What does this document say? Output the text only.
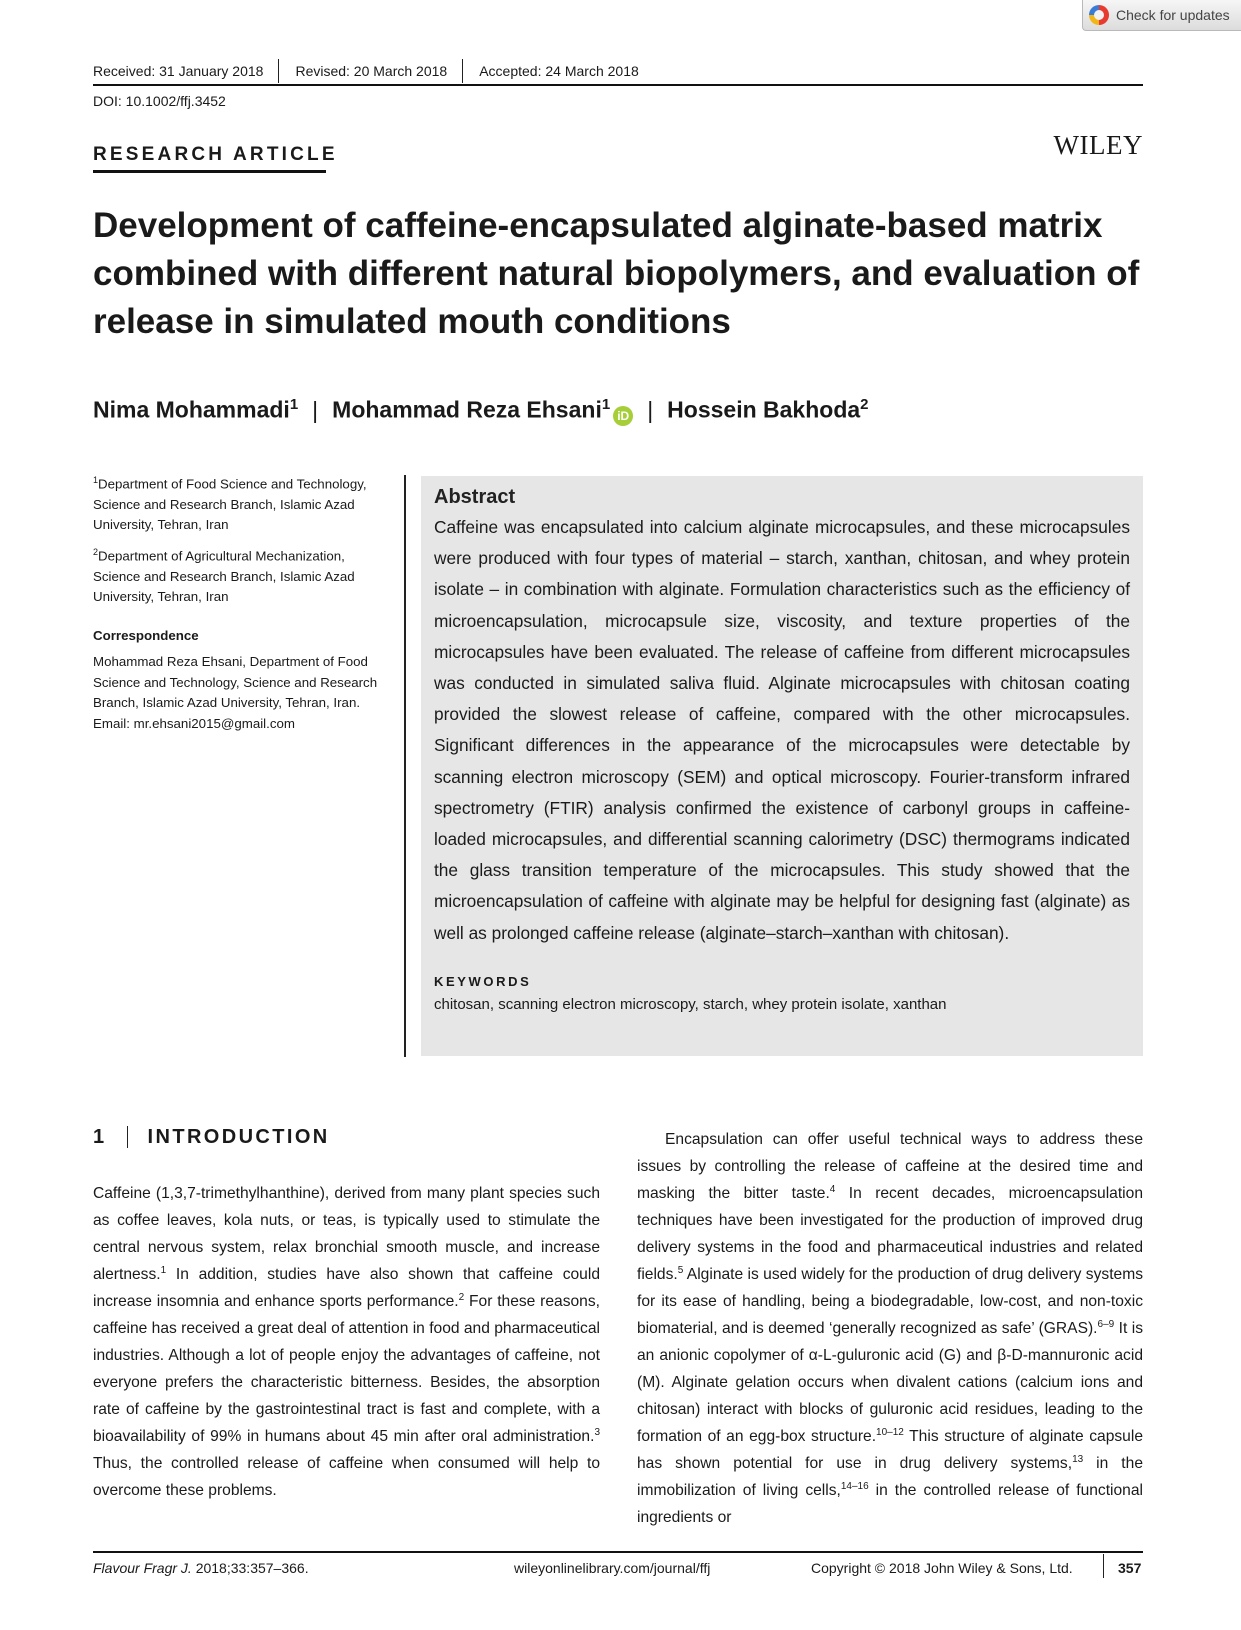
Check for updates
Received: 31 January 2018	Revised: 20 March 2018	Accepted: 24 March 2018
DOI: 10.1002/ffj.3452
RESEARCH ARTICLE	WILEY
Development of caffeine-encapsulated alginate-based matrix combined with different natural biopolymers, and evaluation of release in simulated mouth conditions
Nima Mohammadi$^1$ | Mohammad Reza Ehsani$^1$iD | Hossein Bakhoda$^2$

$^1$Department of Food Science and Technology, Science and Research Branch, Islamic Azad University, Tehran, Iran

$^2$Department of Agricultural Mechanization, Science and Research Branch, Islamic Azad University, Tehran, Iran

Correspondence

Mohammad Reza Ehsani, Department of Food Science and Technology, Science and Research Branch, Islamic Azad University, Tehran, Iran.
Email: mr.ehsani2015@gmail.com

Abstract

Caffeine was encapsulated into calcium alginate microcapsules, and these microcapsules were produced with four types of material – starch, xanthan, chitosan, and whey protein isolate – in combination with alginate. Formulation characteristics such as the efficiency of microencapsulation, microcapsule size, viscosity, and texture properties of the microcapsules have been evaluated. The release of caffeine from different microcapsules was conducted in simulated saliva fluid. Alginate microcapsules with chitosan coating provided the slowest release of caffeine, compared with the other microcapsules. Significant differences in the appearance of the microcapsules were detectable by scanning electron microscopy (SEM) and optical microscopy. Fourier-transform infrared spectrometry (FTIR) analysis confirmed the existence of carbonyl groups in caffeine-loaded microcapsules, and differential scanning calorimetry (DSC) thermograms indicated the glass transition temperature of the microcapsules. This study showed that the microencapsulation of caffeine with alginate may be helpful for designing fast (alginate) as well as prolonged caffeine release (alginate–starch–xanthan with chitosan).

KEYWORDS
chitosan, scanning electron microscopy, starch, whey protein isolate, xanthan
1 INTRODUCTION

Caffeine (1,3,7-trimethylhanthine), derived from many plant species such as coffee leaves, kola nuts, or teas, is typically used to stimulate the central nervous system, relax bronchial smooth muscle, and increase alertness.$^1$ In addition, studies have also shown that caffeine could increase insomnia and enhance sports performance.$^2$ For these reasons, caffeine has received a great deal of attention in food and pharmaceutical industries. Although a lot of people enjoy the advantages of caffeine, not everyone prefers the characteristic bitterness. Besides, the absorption rate of caffeine by the gastrointestinal tract is fast and complete, with a bioavailability of 99% in humans about 45 min after oral administration.$^3$ Thus, the controlled release of caffeine when consumed will help to overcome these problems.

Encapsulation can offer useful technical ways to address these issues by controlling the release of caffeine at the desired time and masking the bitter taste.$^4$ In recent decades, microencapsulation techniques have been investigated for the production of improved drug delivery systems in the food and pharmaceutical industries and related fields.$^5$ Alginate is used widely for the production of drug delivery systems for its ease of handling, being a biodegradable, low-cost, and non-toxic biomaterial, and is deemed ‘generally recognized as safe’ (GRAS).$^{6-9}$ It is an anionic copolymer of α-L-guluronic acid (G) and β-D-mannuronic acid (M). Alginate gelation occurs when divalent cations (calcium ions and chitosan) interact with blocks of guluronic acid residues, leading to the formation of an egg-box structure.$^{10-12}$ This structure of alginate capsule has shown potential for use in drug delivery systems,$^{13}$ in the immobilization of living cells,$^{14-16}$ in the controlled release of functional ingredients or

Flavour Fragr J. 2018;33:357–366.	wileyonlinelibrary.com/journal/ffj	Copyright © 2018 John Wiley & Sons, Ltd.	357
